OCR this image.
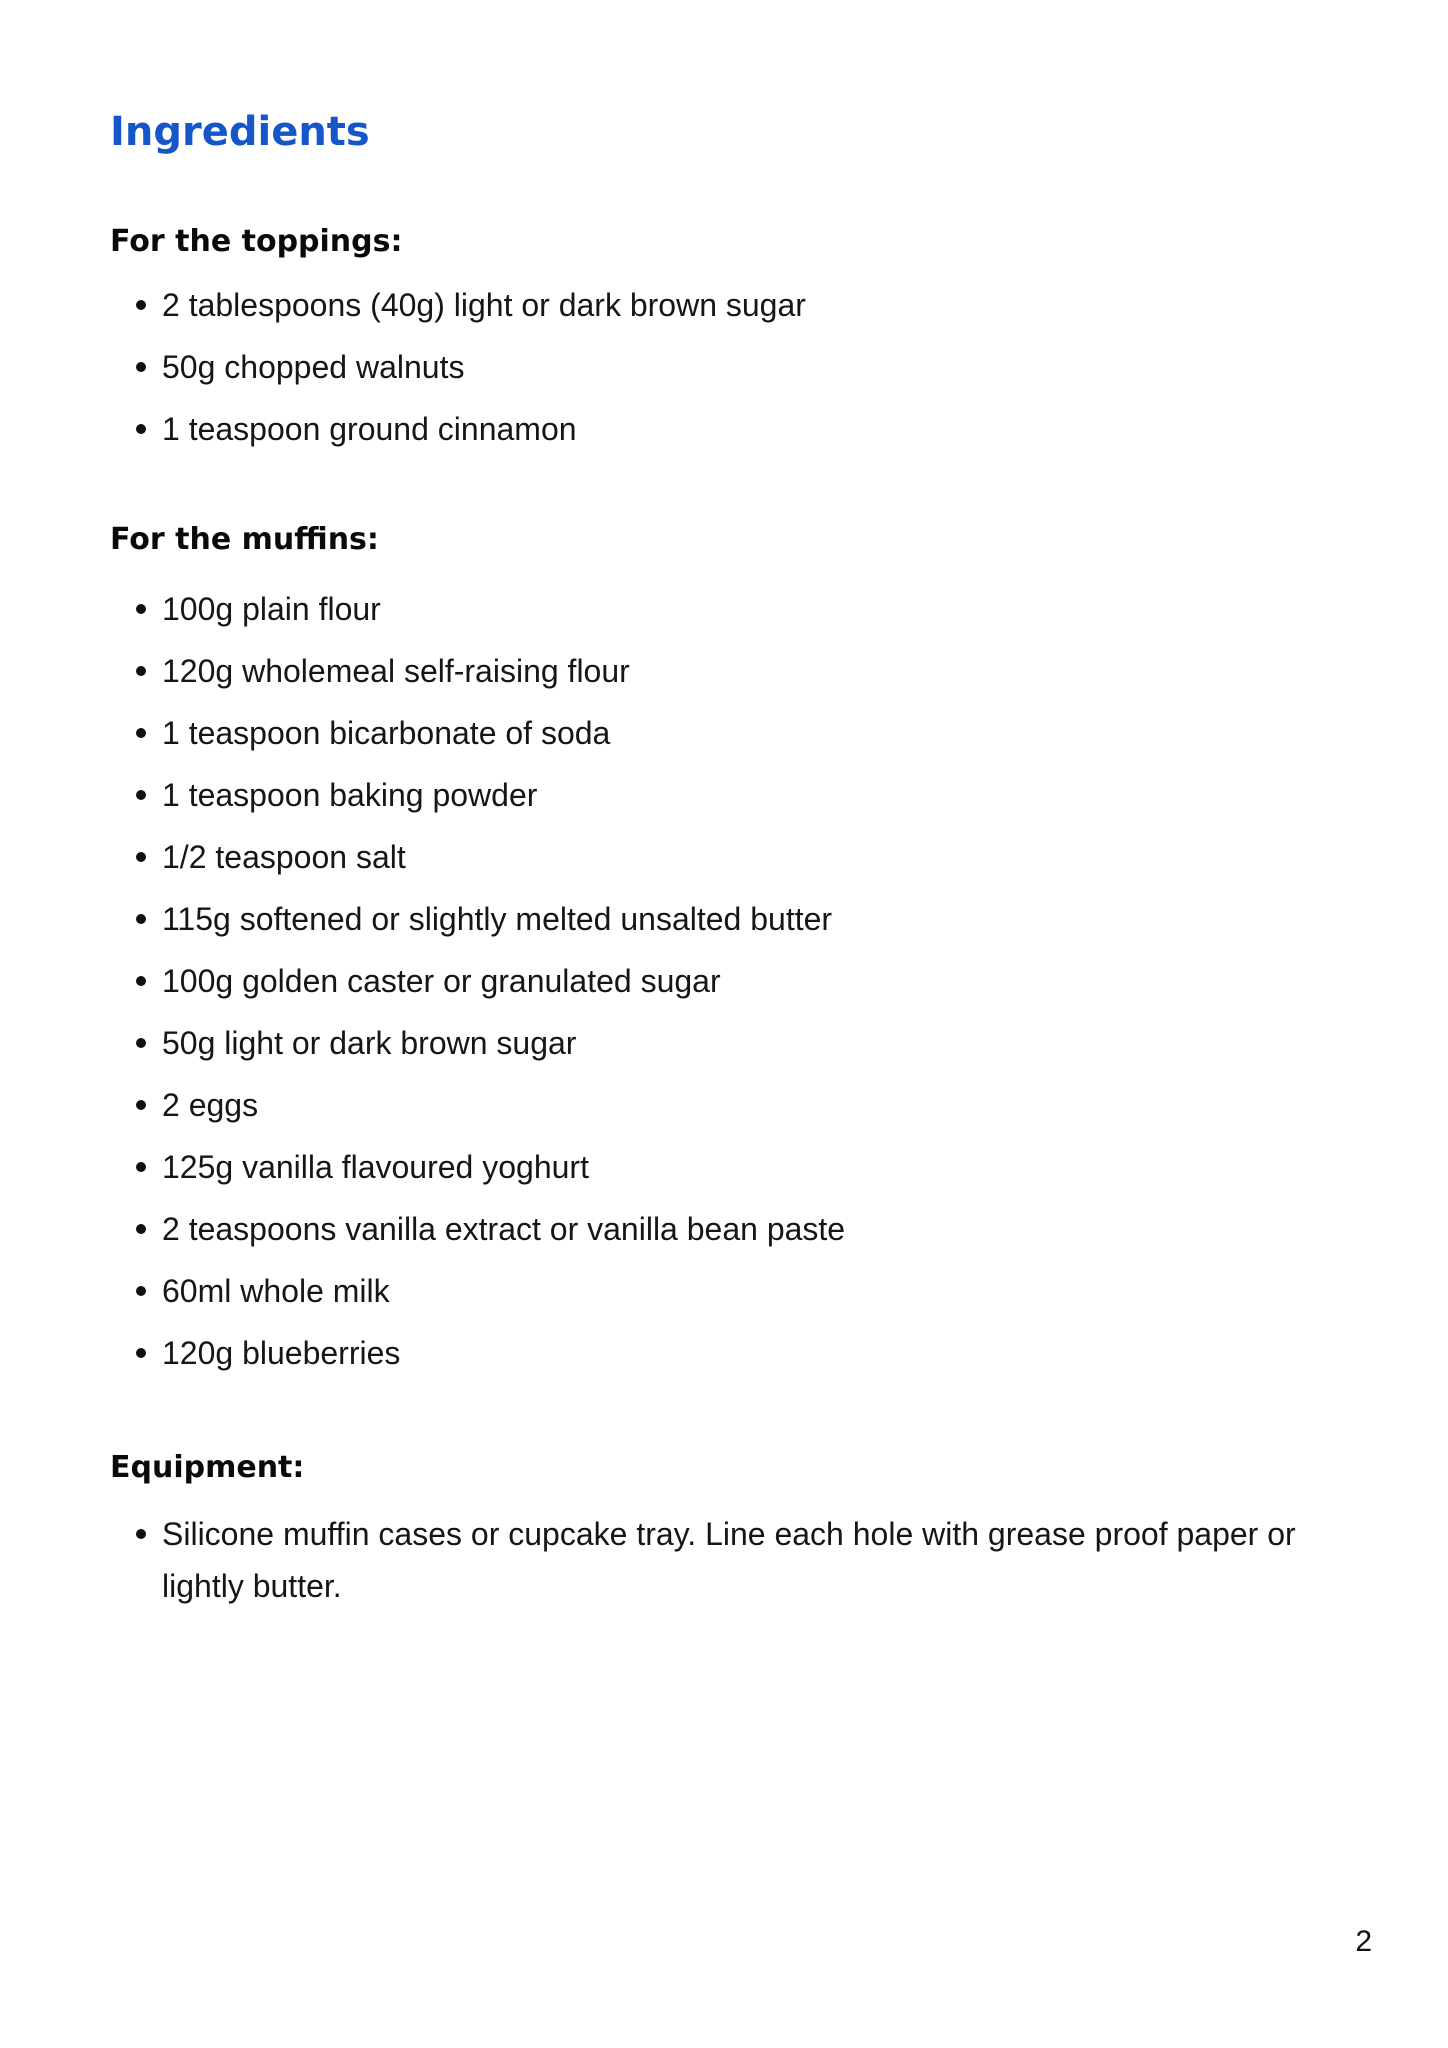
Ingredients
For the toppings:
2 tablespoons (40g) light or dark brown sugar
50g chopped walnuts
1 teaspoon ground cinnamon
For the muffins:
100g plain flour
120g wholemeal self-raising flour
1 teaspoon bicarbonate of soda
1 teaspoon baking powder
1/2 teaspoon salt
115g softened or slightly melted unsalted butter
100g golden caster or granulated sugar
50g light or dark brown sugar
2 eggs
125g vanilla flavoured yoghurt
2 teaspoons vanilla extract or vanilla bean paste
60ml whole milk
120g blueberries
Equipment:
Silicone muffin cases or cupcake tray. Line each hole with grease proof paper or lightly butter.
2
